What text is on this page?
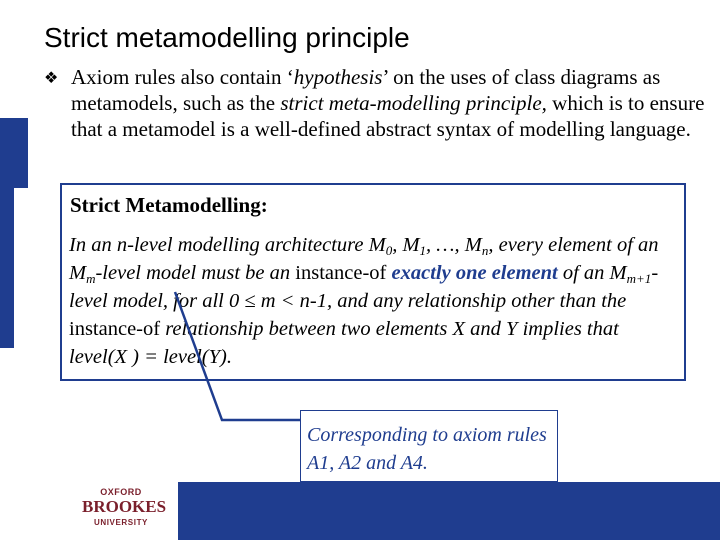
Strict metamodelling principle
❖ Axiom rules also contain ‘hypothesis’ on the uses of class diagrams as metamodels, such as the strict meta-modelling principle, which is to ensure that a metamodel is a well-defined abstract syntax of modelling language.
Strict Metamodelling:
In an n-level modelling architecture $M_0$, $M_1$, …, $M_n$, every element of an $M_m$-level model must be an instance-of exactly one element of an $M_{m+1}$-level model, for all 0 ≤ m < n-1, and any relationship other than the instance-of relationship between two elements X and Y implies that level(X ) = level(Y).
Corresponding to axiom rules A1, A2 and A4.
OXFORD
BROOKES
UNIVERSITY
